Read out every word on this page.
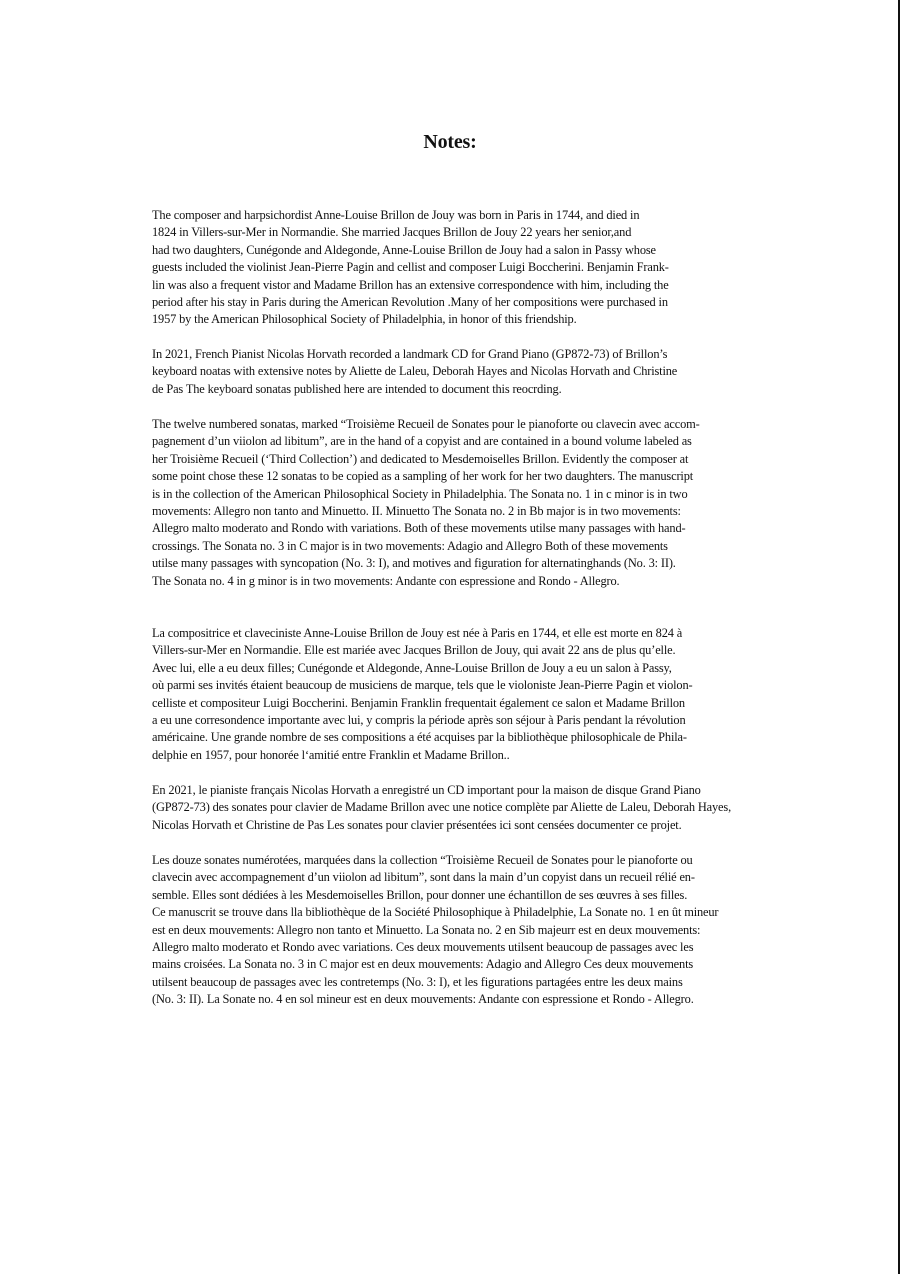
Notes:

The composer and harpsichordist Anne-Louise Brillon de Jouy was born in Paris in 1744, and died in
1824 in Villers-sur-Mer in Normandie. She married Jacques Brillon de Jouy 22 years her senior,and
had two daughters, Cunégonde and Aldegonde, Anne-Louise Brillon de Jouy had a salon in Passy whose
guests included the violinist Jean-Pierre Pagin and cellist and composer Luigi Boccherini. Benjamin Frank-
lin was also a frequent vistor and Madame Brillon has an extensive correspondence with him, including the
period after his stay in Paris during the American Revolution .Many of her compositions were purchased in
1957 by the American Philosophical Society of Philadelphia, in honor of this friendship.

In 2021, French Pianist Nicolas Horvath recorded a landmark CD for Grand Piano (GP872-73) of Brillon’s
keyboard noatas with extensive notes by Aliette de Laleu, Deborah Hayes and Nicolas Horvath and Christine
de Pas The keyboard sonatas published here are intended to document this reocrding.

The twelve numbered sonatas, marked “Troisième Recueil de Sonates pour le pianoforte ou clavecin avec accom-
pagnement d’un viiolon ad libitum”, are in the hand of a copyist and are contained in a bound volume labeled as
her Troisième Recueil (‘Third Collection’) and dedicated to Mesdemoiselles Brillon. Evidently the composer at
some point chose these 12 sonatas to be copied as a sampling of her work for her two daughters. The manuscript
is in the collection of the American Philosophical Society in Philadelphia. The Sonata no. 1 in c minor is in two
movements: Allegro non tanto and Minuetto. II. Minuetto The Sonata no. 2 in Bb major is in two movements:
Allegro malto moderato and Rondo with variations. Both of these movements utilse many passages with hand-
crossings. The Sonata no. 3 in C major is in two movements: Adagio and Allegro Both of these movements
utilse many passages with syncopation (No. 3: I), and motives and figuration for alternatinghands (No. 3: II).
The Sonata no. 4 in g minor is in two movements: Andante con espressione and Rondo - Allegro.

La compositrice et claveciniste Anne-Louise Brillon de Jouy est née à Paris en 1744, et elle est morte en 824 à
Villers-sur-Mer en Normandie. Elle est mariée avec Jacques Brillon de Jouy, qui avait 22 ans de plus qu’elle.
Avec lui, elle a eu deux filles; Cunégonde et Aldegonde, Anne-Louise Brillon de Jouy a eu un salon à Passy,
où parmi ses invités étaient beaucoup de musiciens de marque, tels que le violoniste Jean-Pierre Pagin et violon-
celliste et compositeur Luigi Boccherini. Benjamin Franklin frequentait également ce salon et Madame Brillon
a eu une corresondence importante avec lui, y compris la période après son séjour à Paris pendant la révolution
américaine. Une grande nombre de ses compositions a été acquises par la bibliothèque philosophicale de Phila-
delphie en 1957, pour honorée l‘amitié entre Franklin et Madame Brillon..

En 2021, le pianiste français Nicolas Horvath a enregistré un CD important pour la maison de disque Grand Piano
(GP872-73) des sonates pour clavier de Madame Brillon avec une notice complète par Aliette de Laleu, Deborah Hayes,
Nicolas Horvath et Christine de Pas Les sonates pour clavier présentées ici sont censées documenter ce projet.

Les douze sonates numérotées, marquées dans la collection “Troisième Recueil de Sonates pour le pianoforte ou
clavecin avec accompagnement d’un viiolon ad libitum”, sont dans la main d’un copyist dans un recueil rélié en-
semble. Elles sont dédiées à les Mesdemoiselles Brillon, pour donner une échantillon de ses œuvres à ses filles.
Ce manuscrit se trouve dans lla bibliothèque de la Société Philosophique à Philadelphie, La Sonate no. 1 en ût mineur
est en deux mouvements: Allegro non tanto et Minuetto. La Sonata no. 2 en Sib majeurr est en deux mouvements:
Allegro malto moderato et Rondo avec variations. Ces deux mouvements utilsent beaucoup de passages avec les
mains croisées. La Sonata no. 3 in C major est en deux mouvements: Adagio and Allegro Ces deux mouvements
utilsent beaucoup de passages avec les contretemps (No. 3: I), et les figurations partagées entre les deux mains
(No. 3: II). La Sonate no. 4 en sol mineur est en deux mouvements: Andante con espressione et Rondo - Allegro.
